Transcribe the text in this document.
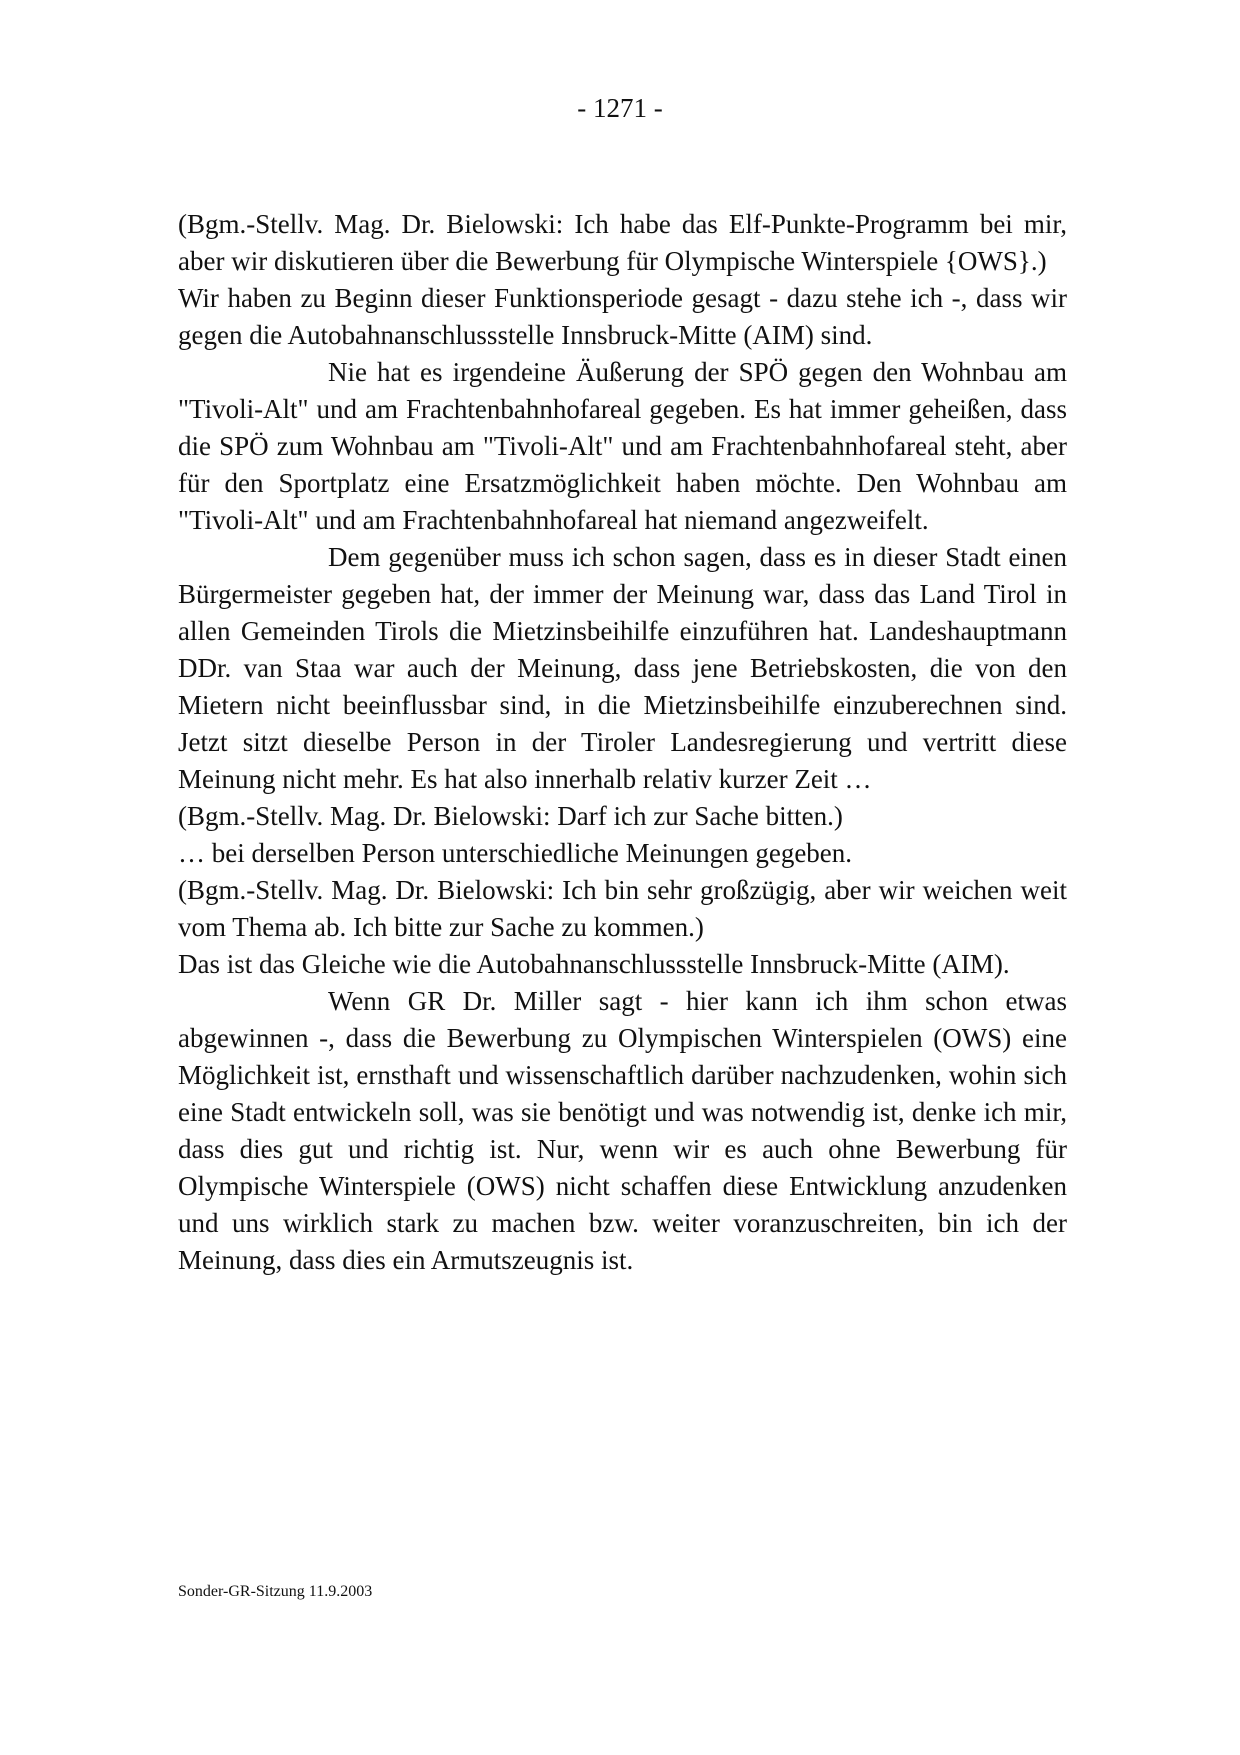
- 1271 -

(Bgm.-Stellv. Mag. Dr. Bielowski: Ich habe das Elf-Punkte-Programm bei mir, aber wir diskutieren über die Bewerbung für Olympische Winterspiele {OWS}.)

Wir haben zu Beginn dieser Funktionsperiode gesagt - dazu stehe ich -, dass wir gegen die Autobahnanschlussstelle Innsbruck-Mitte (AIM) sind.

Nie hat es irgendeine Äußerung der SPÖ gegen den Wohnbau am "Tivoli-Alt" und am Frachtenbahnhofareal gegeben. Es hat immer geheißen, dass die SPÖ zum Wohnbau am "Tivoli-Alt" und am Frachtenbahnhofareal steht, aber für den Sportplatz eine Ersatzmöglichkeit haben möchte. Den Wohnbau am "Tivoli-Alt" und am Frachtenbahnhofareal hat niemand angezweifelt.

Dem gegenüber muss ich schon sagen, dass es in dieser Stadt einen Bürgermeister gegeben hat, der immer der Meinung war, dass das Land Tirol in allen Gemeinden Tirols die Mietzinsbeihilfe einzuführen hat. Landeshauptmann DDr. van Staa war auch der Meinung, dass jene Betriebskosten, die von den Mietern nicht beeinflussbar sind, in die Mietzinsbeihilfe einzuberechnen sind. Jetzt sitzt dieselbe Person in der Tiroler Landesregierung und vertritt diese Meinung nicht mehr. Es hat also innerhalb relativ kurzer Zeit …

(Bgm.-Stellv. Mag. Dr. Bielowski: Darf ich zur Sache bitten.)

… bei derselben Person unterschiedliche Meinungen gegeben.

(Bgm.-Stellv. Mag. Dr. Bielowski: Ich bin sehr großzügig, aber wir weichen weit vom Thema ab. Ich bitte zur Sache zu kommen.)

Das ist das Gleiche wie die Autobahnanschlussstelle Innsbruck-Mitte (AIM).

Wenn GR Dr. Miller sagt - hier kann ich ihm schon etwas abgewinnen -, dass die Bewerbung zu Olympischen Winterspielen (OWS) eine Möglichkeit ist, ernsthaft und wissenschaftlich darüber nachzudenken, wohin sich eine Stadt entwickeln soll, was sie benötigt und was notwendig ist, denke ich mir, dass dies gut und richtig ist. Nur, wenn wir es auch ohne Bewerbung für Olympische Winterspiele (OWS) nicht schaffen diese Entwicklung anzudenken und uns wirklich stark zu machen bzw. weiter voranzuschreiten, bin ich der Meinung, dass dies ein Armutszeugnis ist.

Sonder-GR-Sitzung 11.9.2003
